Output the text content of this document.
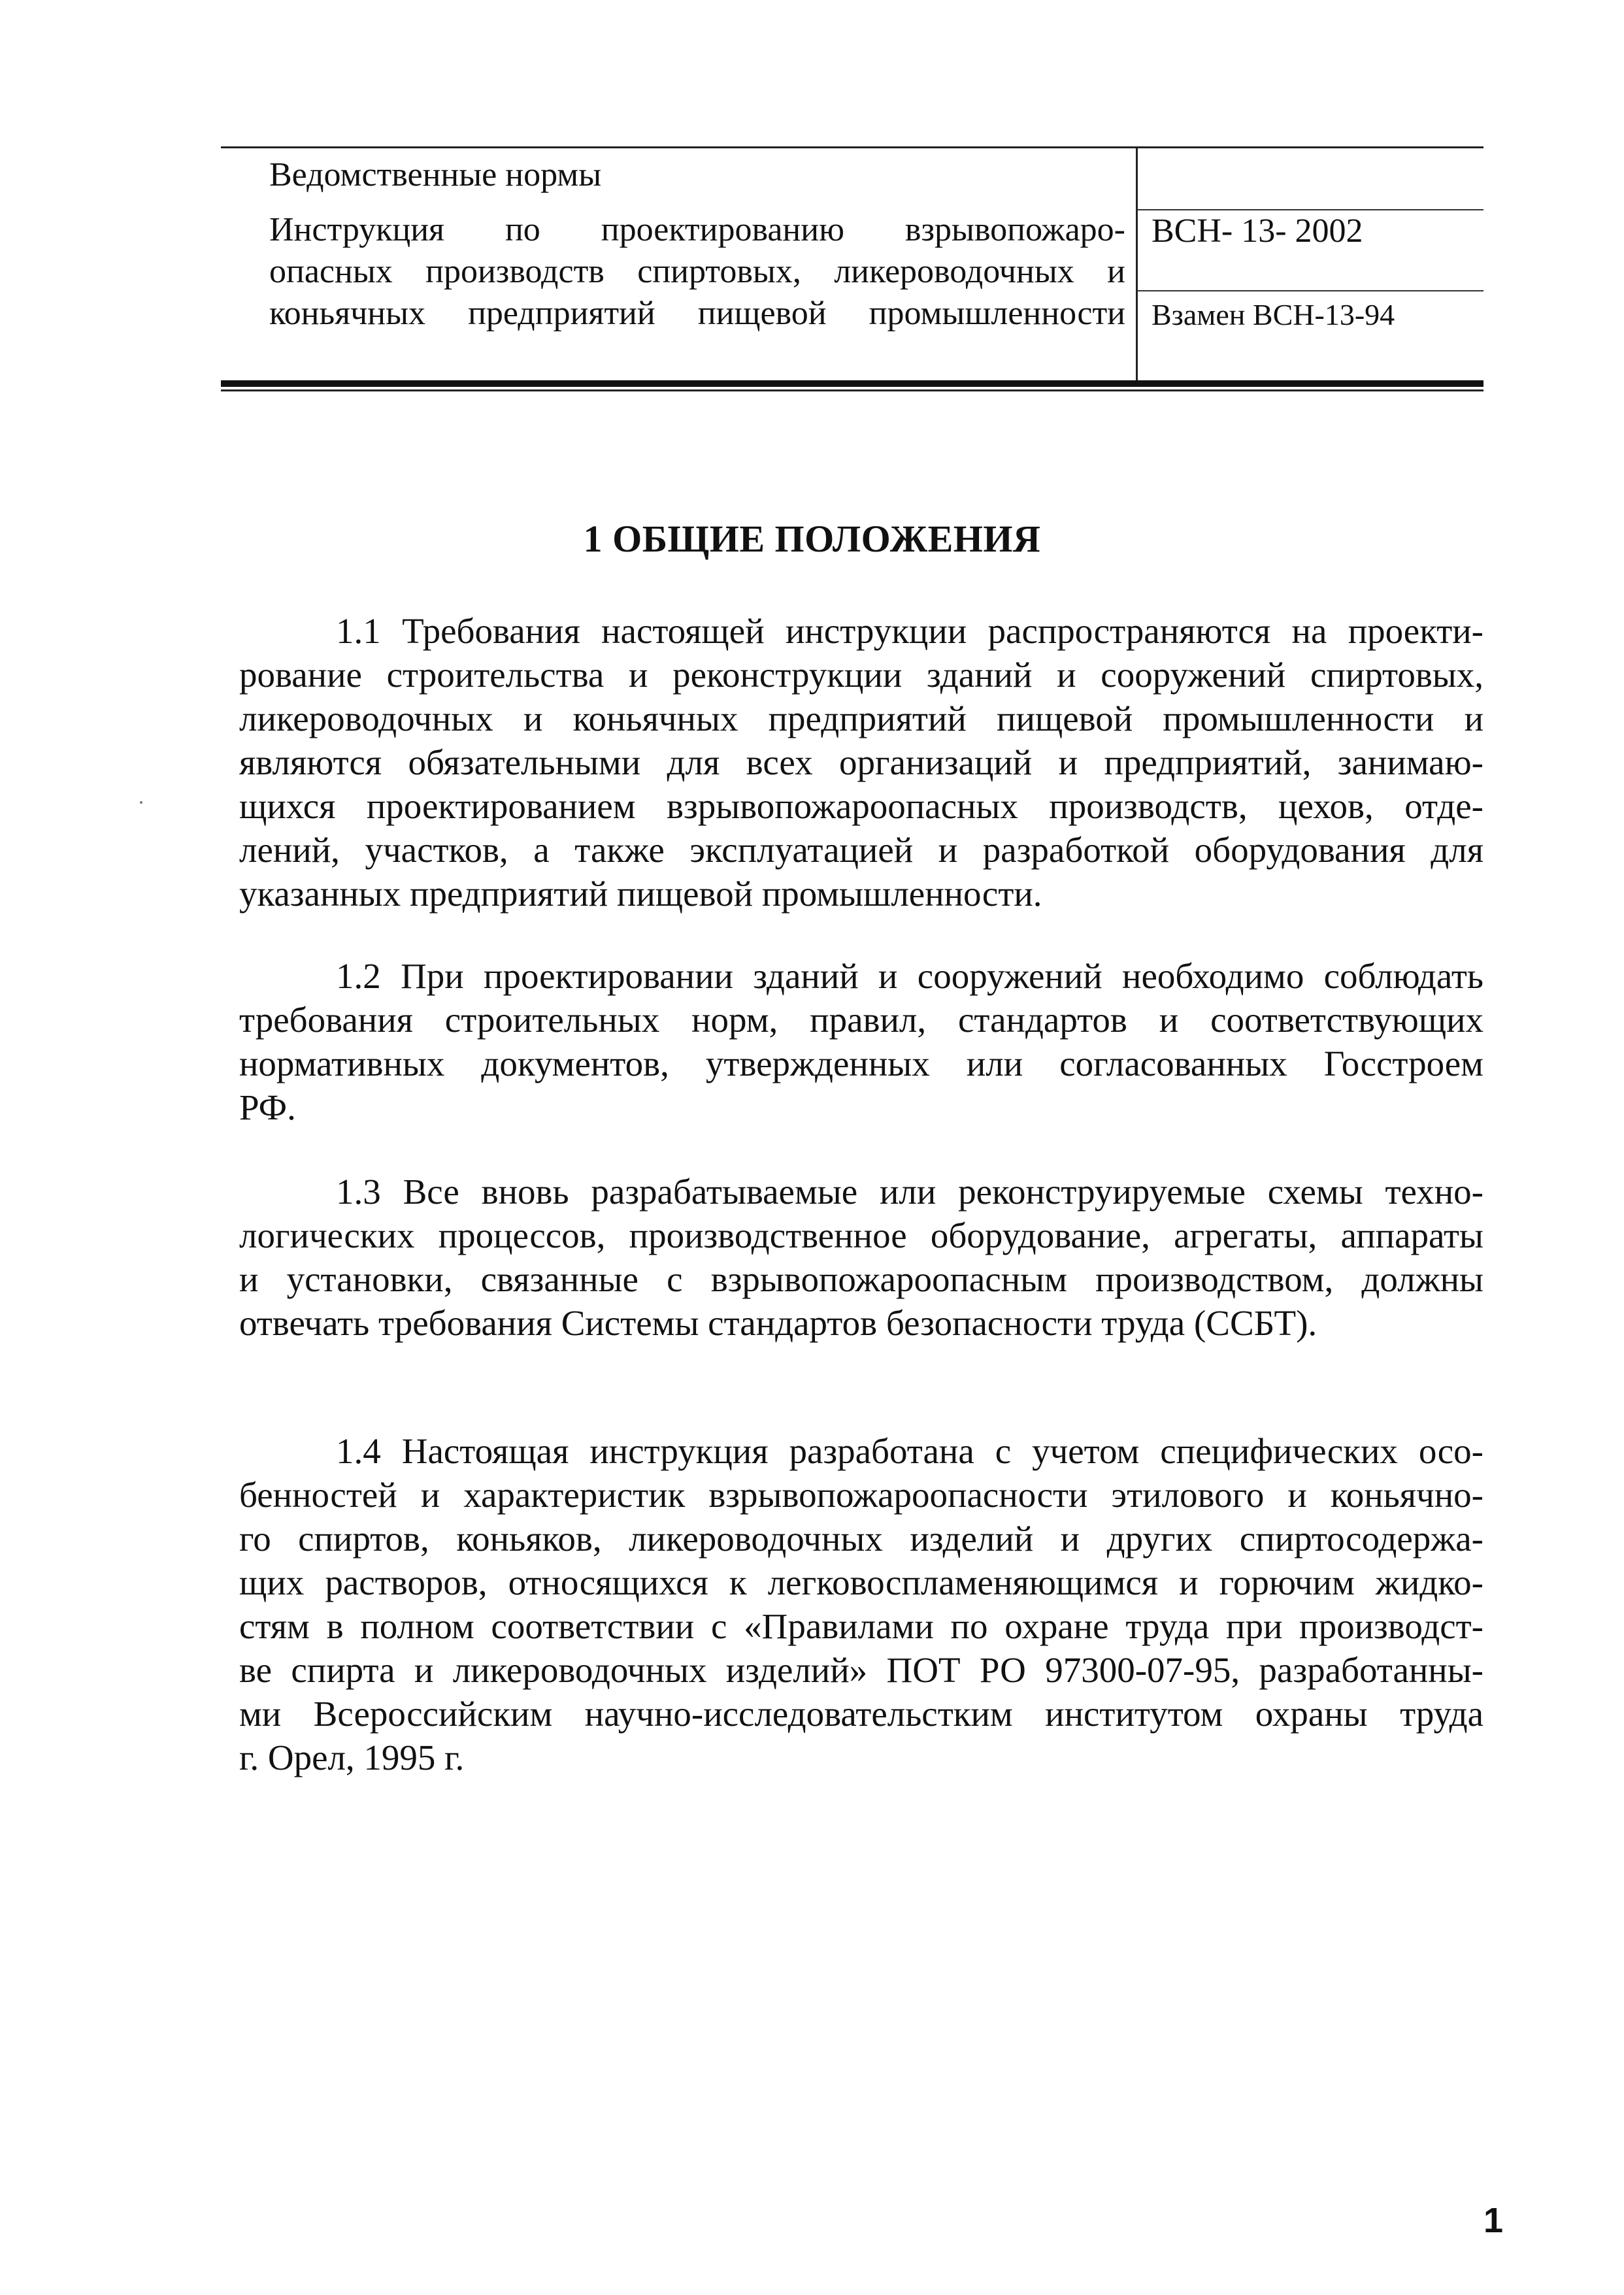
Ведомственные нормы
Инструкция по проектированию взрывопожаро-
опасных производств спиртовых, ликероводочных и
коньячных предприятий пищевой промышленности
ВСН- 13- 2002
Взамен ВСН-13-94
1 ОБЩИЕ ПОЛОЖЕНИЯ
1.1 Требования настоящей инструкции распространяются на проекти-
рование строительства и реконструкции зданий и сооружений спиртовых,
ликероводочных и коньячных предприятий пищевой промышленности и
являются обязательными для всех организаций и предприятий, занимаю-
щихся проектированием взрывопожароопасных производств, цехов, отде-
лений, участков, а также эксплуатацией и разработкой оборудования для
указанных предприятий пищевой промышленности.
1.2 При проектировании зданий и сооружений необходимо соблюдать
требования строительных норм, правил, стандартов и соответствующих
нормативных документов, утвержденных или согласованных Госстроем
РФ.
1.3 Все вновь разрабатываемые или реконструируемые схемы техно-
логических процессов, производственное оборудование, агрегаты, аппараты
и установки, связанные с взрывопожароопасным производством, должны
отвечать требования Системы стандартов безопасности труда (ССБТ).
1.4 Настоящая инструкция разработана с учетом специфических осо-
бенностей и характеристик взрывопожароопасности этилового и коньячно-
го спиртов, коньяков, ликероводочных изделий и других спиртосодержа-
щих растворов, относящихся к легковоспламеняющимся и горючим жидко-
стям в полном соответствии с «Правилами по охране труда при производст-
ве спирта и ликероводочных изделий» ПОТ РО 97300-07-95, разработанны-
ми Всероссийским научно-исследовательстким институтом охраны труда
г. Орел, 1995 г.
1
